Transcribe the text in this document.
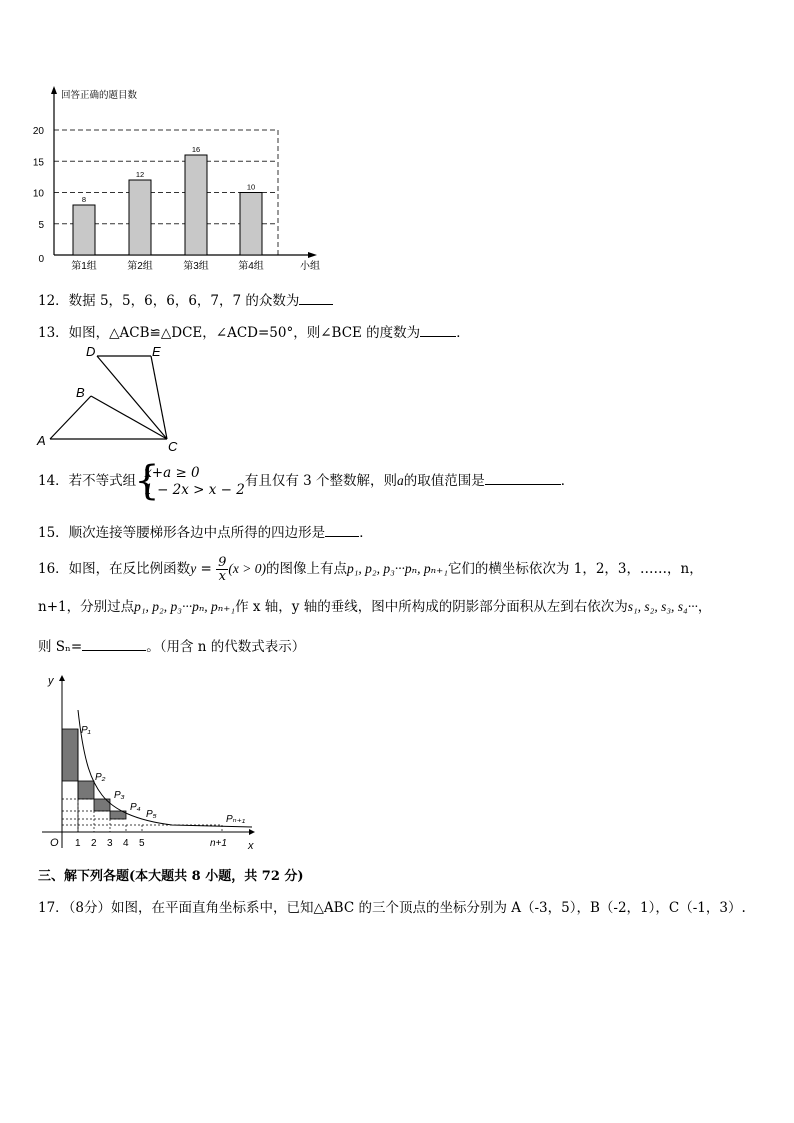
回答正确的题目数
5
10
15
20
0
8
第1组
12
第2组
16
第3组
10
第4组	小组
12．数据 5，5，6，6，6，7，7 的众数为
13．如图，△ACB≌△DCE，∠ACD=50°，则∠BCE 的度数为	．
A
B
C
D	E
14．若不等式组
{
x+a ≥ 0
1 − 2x > x − 2
有且仅有 3 个整数解，则a的取值范围是	．
15．顺次连接等腰梯形各边中点所得的四边形是	．
16．如图，在反比例函数$y = \frac{9}{x} (x > 0)$的图像上有点p₁, p₂, p₃···pₙ, pₙ₊₁它们的横坐标依次为 1，2，3，……，n，
n+1，分别过点p₁, p₂, p₃···pₙ, pₙ₊₁作 x 轴，y 轴的垂线，图中所构成的阴影部分面积从左到右依次为s₁, s₂, s₃, s₄···，
则 Sₙ=	。（用含 n 的代数式表示）
y
x
O 1 2 3 4 5	n+1
P₁
P₂
P₃
P₄
P₅	Pₙ₊₁
三、解下列各题(本大题共 8 小题，共 72 分)
17．（8分）如图，在平面直角坐标系中，已知△ABC 的三个顶点的坐标分别为 A（-3，5），B（-2，1），C（-1，3）.
